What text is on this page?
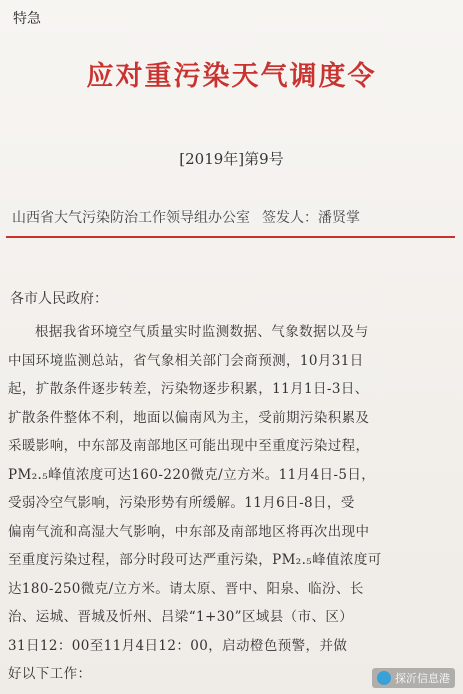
特急
应对重污染天气调度令
[2019年]第9号
山西省大气污染防治工作领导组办公室 签发人：潘贤掌
各市人民政府：
根据我省环境空气质量实时监测数据、气象数据以及与
中国环境监测总站，省气象相关部门会商预测，10月31日
起，扩散条件逐步转差，污染物逐步积累，11月1日-3日、
扩散条件整体不利，地面以偏南风为主，受前期污染积累及
采暖影响，中东部及南部地区可能出现中至重度污染过程，
PM₂.₅峰值浓度可达160-220微克/立方米。11月4日-5日，
受弱冷空气影响，污染形势有所缓解。11月6日-8日，受
偏南气流和高湿大气影响，中东部及南部地区将再次出现中
至重度污染过程，部分时段可达严重污染，PM₂.₅峰值浓度可
达180-250微克/立方米。请太原、晋中、阳泉、临汾、长
治、运城、晋城及忻州、吕梁“1+30”区域县（市、区）
31日12：00至11月4日12：00，启动橙色预警，并做
好以下工作：	探沂信息港
